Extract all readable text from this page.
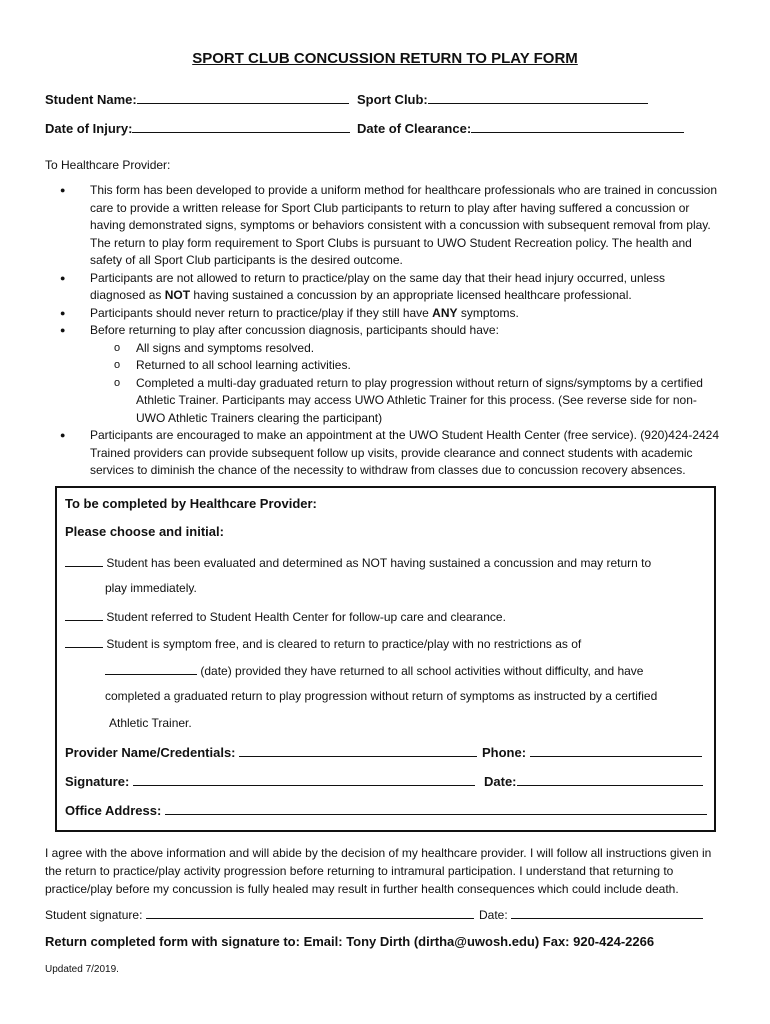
SPORT CLUB CONCUSSION RETURN TO PLAY FORM
Student Name:	Sport Club:
Date of Injury:	Date of Clearance:
To Healthcare Provider:
● This form has been developed to provide a uniform method for healthcare professionals who are trained in concussion care to provide a written release for Sport Club participants to return to play after having suffered a concussion or having demonstrated signs, symptoms or behaviors consistent with a concussion with subsequent removal from play. The return to play form requirement to Sport Clubs is pursuant to UWO Student Recreation policy. The health and safety of all Sport Club participants is the desired outcome.
● Participants are not allowed to return to practice/play on the same day that their head injury occurred, unless diagnosed as NOT having sustained a concussion by an appropriate licensed healthcare professional.
● Participants should never return to practice/play if they still have ANY symptoms.
● Before returning to play after concussion diagnosis, participants should have:
o All signs and symptoms resolved.
o Returned to all school learning activities.
o Completed a multi-day graduated return to play progression without return of signs/symptoms by a certified Athletic Trainer. Participants may access UWO Athletic Trainer for this process. (See reverse side for non-UWO Athletic Trainers clearing the participant)
● Participants are encouraged to make an appointment at the UWO Student Health Center (free service). (920)424-2424 Trained providers can provide subsequent follow up visits, provide clearance and connect students with academic services to diminish the chance of the necessity to withdraw from classes due to concussion recovery absences.
To be completed by Healthcare Provider:
Please choose and initial:
Student has been evaluated and determined as NOT having sustained a concussion and may return to
play immediately.
Student referred to Student Health Center for follow-up care and clearance.
Student is symptom free, and is cleared to return to practice/play with no restrictions as of
(date) provided they have returned to all school activities without difficulty, and have
completed a graduated return to play progression without return of symptoms as instructed by a certified
Athletic Trainer.
Provider Name/Credentials:	Phone:
Signature:	Date:
Office Address:
I agree with the above information and will abide by the decision of my healthcare provider. I will follow all instructions given in the return to practice/play activity progression before returning to intramural participation. I understand that returning to practice/play before my concussion is fully healed may result in further health consequences which could include death.
Student signature:	Date:
Return completed form with signature to: Email: Tony Dirth (dirtha@uwosh.edu) Fax: 920-424-2266
Updated 7/2019.
